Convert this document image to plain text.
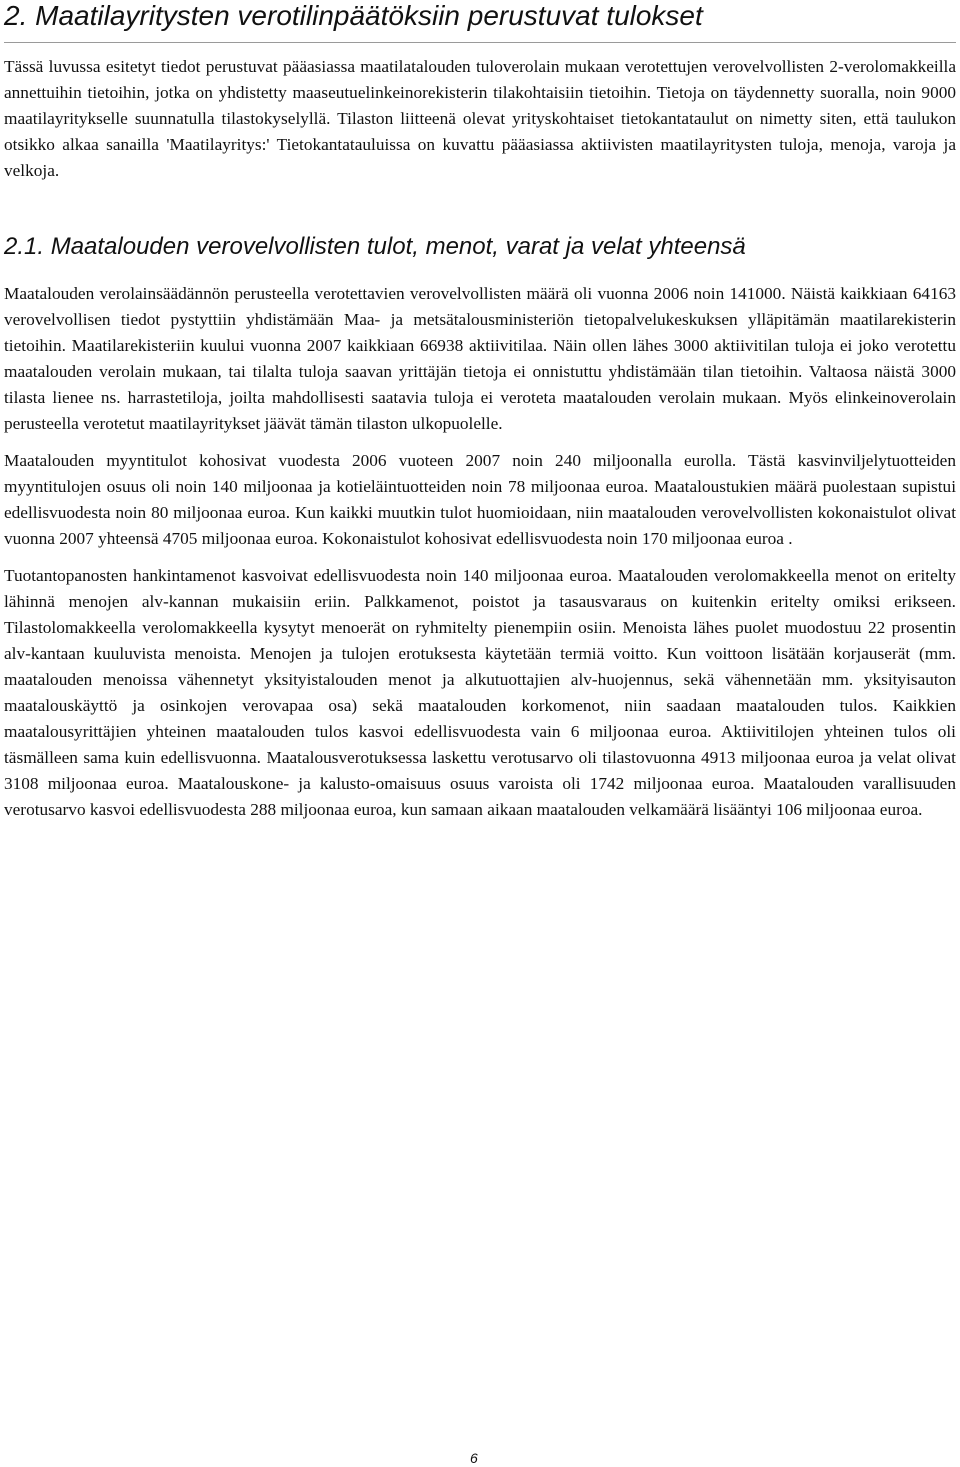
2. Maatilayritysten verotilinpäätöksiin perustuvat tulokset

Tässä luvussa esitetyt tiedot perustuvat pääasiassa maatilatalouden tuloverolain mukaan verotettujen verovelvollisten 2-verolomakkeilla annettuihin tietoihin, jotka on yhdistetty maaseutuelinkeinorekisterin tilakohtaisiin tietoihin. Tietoja on täydennetty suoralla, noin 9000 maatilayritykselle suunnatulla tilastokyselyllä. Tilaston liitteenä olevat yrityskohtaiset tietokantataulut on nimetty siten, että taulukon otsikko alkaa sanailla 'Maatilayritys:' Tietokantatauluissa on kuvattu pääasiassa aktiivisten maatilayritysten tuloja, menoja, varoja ja velkoja.

2.1. Maatalouden verovelvollisten tulot, menot, varat ja velat yhteensä

Maatalouden verolainsäädännön perusteella verotettavien verovelvollisten määrä oli vuonna 2006 noin 141000. Näistä kaikkiaan 64163 verovelvollisen tiedot pystyttiin yhdistämään Maa- ja metsätalousministeriön tietopalvelukeskuksen ylläpitämän maatilarekisterin tietoihin. Maatilarekisteriin kuului vuonna 2007 kaikkiaan 66938 aktiivitilaa. Näin ollen lähes 3000 aktiivitilan tuloja ei joko verotettu maatalouden verolain mukaan, tai tilalta tuloja saavan yrittäjän tietoja ei onnistuttu yhdistämään tilan tietoihin. Valtaosa näistä 3000 tilasta lienee ns. harrastetiloja, joilta mahdollisesti saatavia tuloja ei veroteta maatalouden verolain mukaan. Myös elinkeinoverolain perusteella verotetut maatilayritykset jäävät tämän tilaston ulkopuolelle.

Maatalouden myyntitulot kohosivat vuodesta 2006 vuoteen 2007 noin 240 miljoonalla eurolla. Tästä kasvinviljelytuotteiden myyntitulojen osuus oli noin 140 miljoonaa ja kotieläintuotteiden noin 78 miljoonaa euroa. Maataloustukien määrä puolestaan supistui edellisvuodesta noin 80 miljoonaa euroa. Kun kaikki muutkin tulot huomioidaan, niin maatalouden verovelvollisten kokonaistulot olivat vuonna 2007 yhteensä 4705 miljoonaa euroa. Kokonaistulot kohosivat edellisvuodesta noin 170 miljoonaa euroa .

Tuotantopanosten hankintamenot kasvoivat edellisvuodesta noin 140 miljoonaa euroa. Maatalouden verolomakkeella menot on eritelty lähinnä menojen alv-kannan mukaisiin eriin. Palkkamenot, poistot ja tasausvaraus on kuitenkin eritelty omiksi erikseen. Tilastolomakkeella verolomakkeella kysytyt menoerät on ryhmitelty pienempiin osiin. Menoista lähes puolet muodostuu 22 prosentin alv-kantaan kuuluvista menoista. Menojen ja tulojen erotuksesta käytetään termiä voitto. Kun voittoon lisätään korjauserät (mm. maatalouden menoissa vähennetyt yksityistalouden menot ja alkutuottajien alv-huojennus, sekä vähennetään mm. yksityisauton maatalouskäyttö ja osinkojen verovapaa osa) sekä maatalouden korkomenot, niin saadaan maatalouden tulos. Kaikkien maatalousyrittäjien yhteinen maatalouden tulos kasvoi edellisvuodesta vain 6 miljoonaa euroa. Aktiivitilojen yhteinen tulos oli täsmälleen sama kuin edellisvuonna. Maatalousverotuksessa laskettu verotusarvo oli tilastovuonna 4913 miljoonaa euroa ja velat olivat 3108 miljoonaa euroa. Maatalouskone- ja kalusto-omaisuus osuus varoista oli 1742 miljoonaa euroa. Maatalouden varallisuuden verotusarvo kasvoi edellisvuodesta 288 miljoonaa euroa, kun samaan aikaan maatalouden velkamäärä lisääntyi 106 miljoonaa euroa.

6
